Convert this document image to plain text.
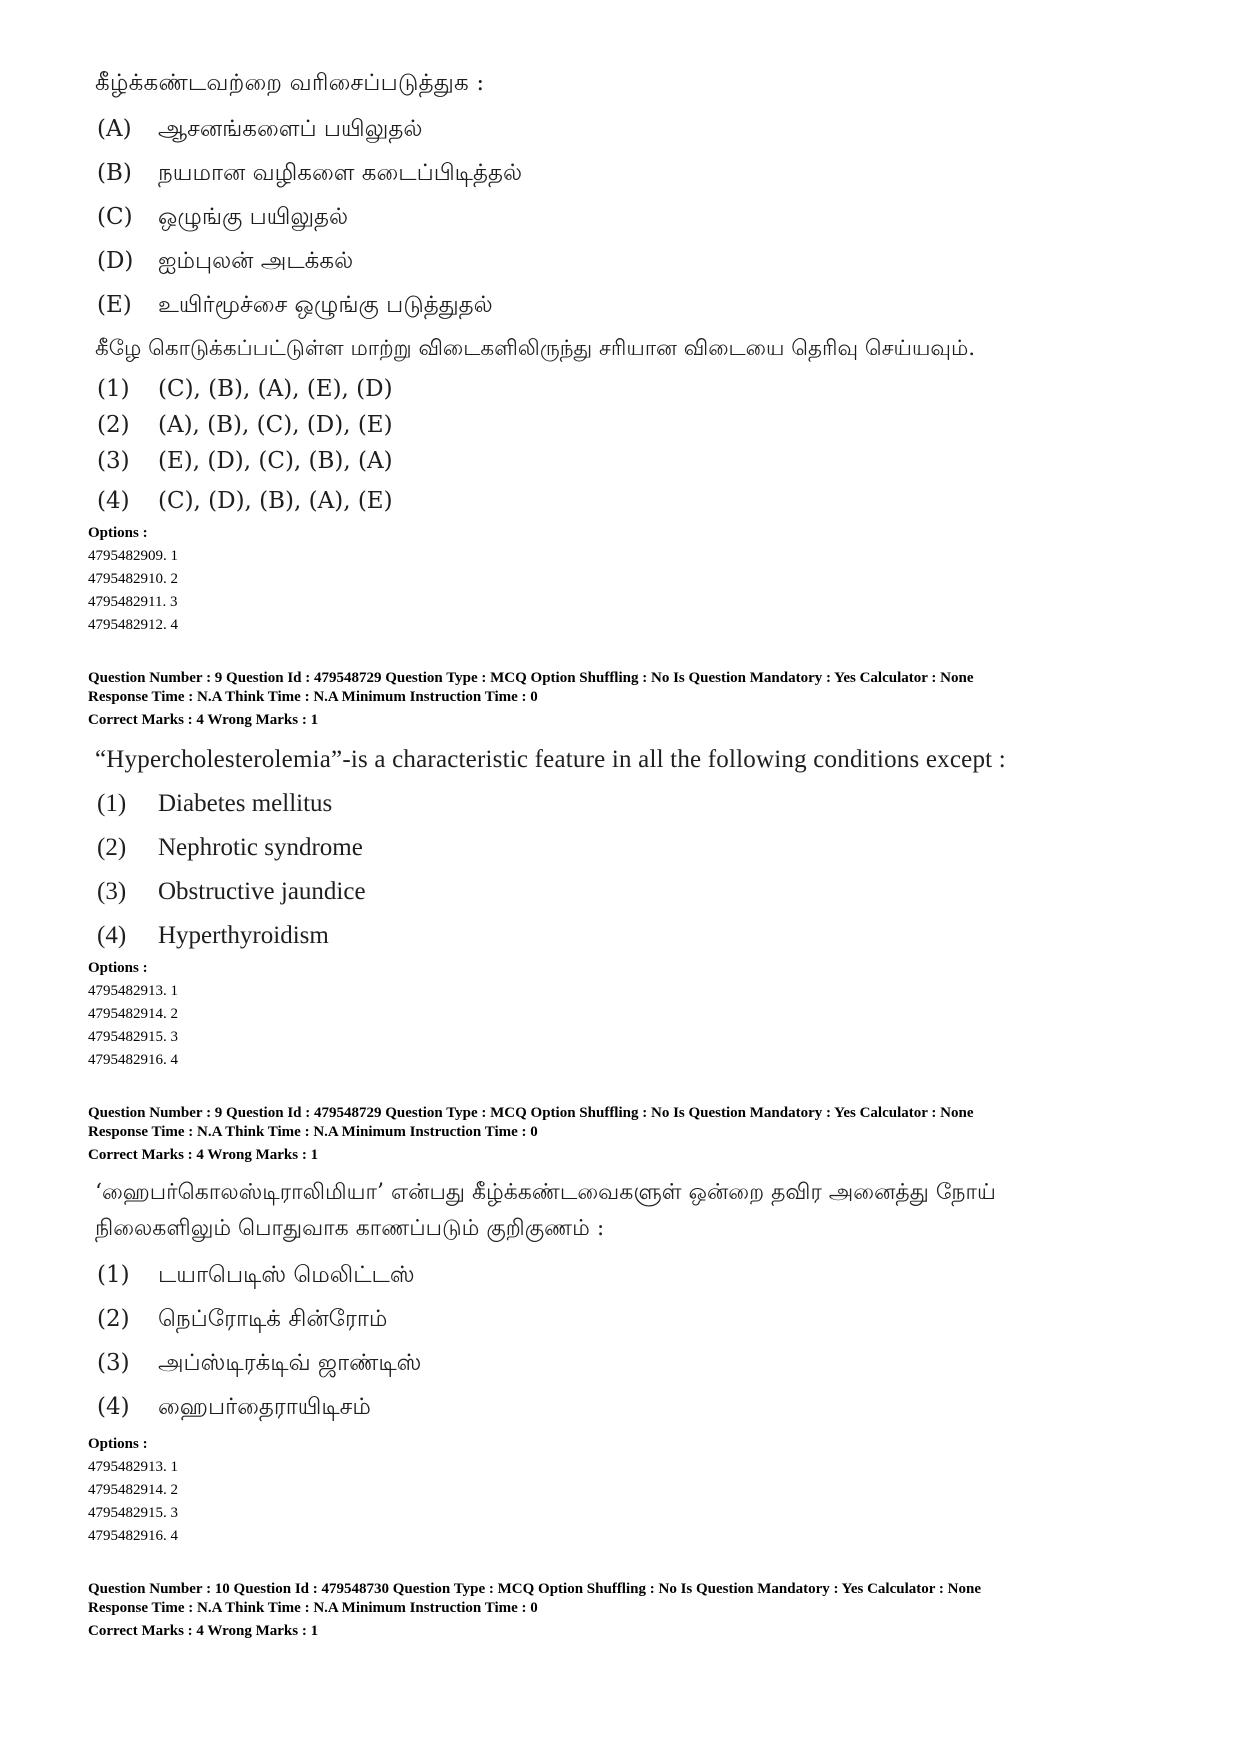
கீழ்க்கண்டவற்றை வரிசைப்படுத்துக :
(A) ஆசனங்களைப் பயிலுதல்
(B) நயமான வழிகளை கடைப்பிடித்தல்
(C) ஒழுங்கு பயிலுதல்
(D) ஐம்புலன் அடக்கல்
(E) உயிர்மூச்சை ஒழுங்கு படுத்துதல்
கீழே கொடுக்கப்பட்டுள்ள மாற்று விடைகளிலிருந்து சரியான விடையை தெரிவு செய்யவும்.
(1) (C), (B), (A), (E), (D)
(2) (A), (B), (C), (D), (E)
(3) (E), (D), (C), (B), (A)
(4) (C), (D), (B), (A), (E)
Options :
4795482909. 1
4795482910. 2
4795482911. 3
4795482912. 4
Question Number : 9 Question Id : 479548729 Question Type : MCQ Option Shuffling : No Is Question Mandatory : Yes Calculator : None
Response Time : N.A Think Time : N.A Minimum Instruction Time : 0
Correct Marks : 4 Wrong Marks : 1
“Hypercholesterolemia”-is a characteristic feature in all the following conditions except :
(1) Diabetes mellitus
(2) Nephrotic syndrome
(3) Obstructive jaundice
(4) Hyperthyroidism
Options :
4795482913. 1
4795482914. 2
4795482915. 3
4795482916. 4
Question Number : 9 Question Id : 479548729 Question Type : MCQ Option Shuffling : No Is Question Mandatory : Yes Calculator : None
Response Time : N.A Think Time : N.A Minimum Instruction Time : 0
Correct Marks : 4 Wrong Marks : 1
‘ஹைபர்கொலஸ்டிராலிமியா’ என்பது கீழ்க்கண்டவைகளுள் ஒன்றை தவிர அனைத்து நோய்
நிலைகளிலும் பொதுவாக காணப்படும் குறிகுணம் :
(1) டயாபெடிஸ் மெலிட்டஸ்
(2) நெப்ரோடிக் சின்ரோம்
(3) அப்ஸ்டிரக்டிவ் ஜாண்டிஸ்
(4) ஹைபர்தைராயிடிசம்
Options :
4795482913. 1
4795482914. 2
4795482915. 3
4795482916. 4
Question Number : 10 Question Id : 479548730 Question Type : MCQ Option Shuffling : No Is Question Mandatory : Yes Calculator : None
Response Time : N.A Think Time : N.A Minimum Instruction Time : 0
Correct Marks : 4 Wrong Marks : 1
